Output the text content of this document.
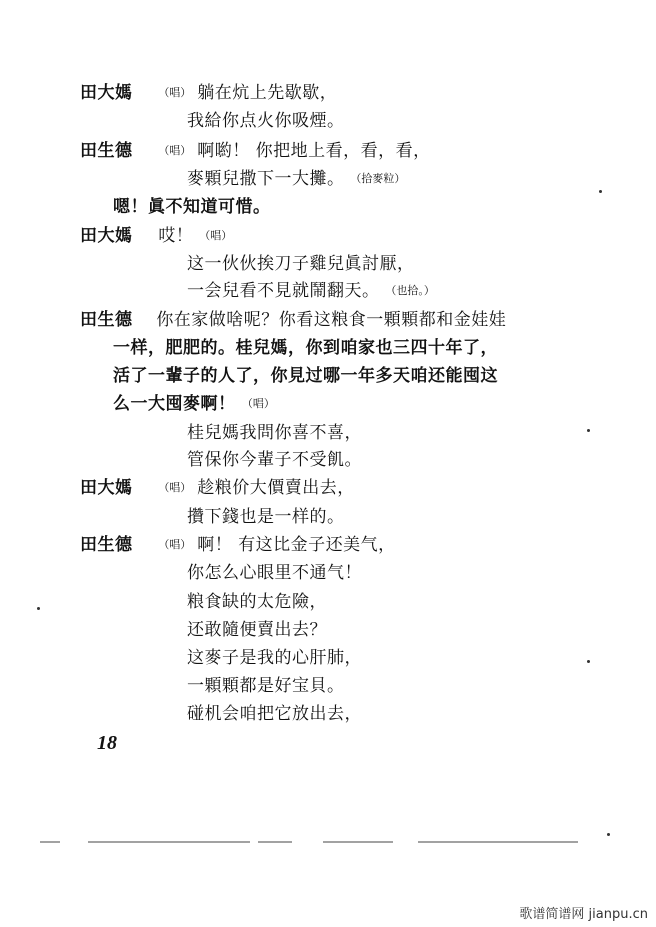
田大媽 （唱） 躺在炕上先歇歇，
我給你点火你吸煙。
田生德 （唱） 啊喲！ 你把地上看，看，看，
麥顆兒撒下一大攤。 （拾麥粒）
嗯！眞不知道可惜。
田大媽 哎！ （唱）
这一伙伙挨刀子雞兒眞討厭，
一会兒看不見就鬧翻天。 （也拾。）
田生德 你在家做啥呢？你看这粮食一顆顆都和金娃娃
一样，肥肥的。桂兒媽，你到咱家也三四十年了，
活了一輩子的人了，你見过哪一年多天咱还能囤这
么一大囤麥啊！ （唱）
桂兒媽我問你喜不喜，
管保你今輩子不受飢。
田大媽 （唱） 趁粮价大價賣出去，
攢下錢也是一样的。
田生德 （唱） 啊！ 有这比金子还美气，
你怎么心眼里不通气！
粮食缺的太危險，
还敢隨便賣出去？
这麥子是我的心肝肺，
一顆顆都是好宝貝。
碰机会咱把它放出去，
18
歌谱简谱网 jianpu.cn
